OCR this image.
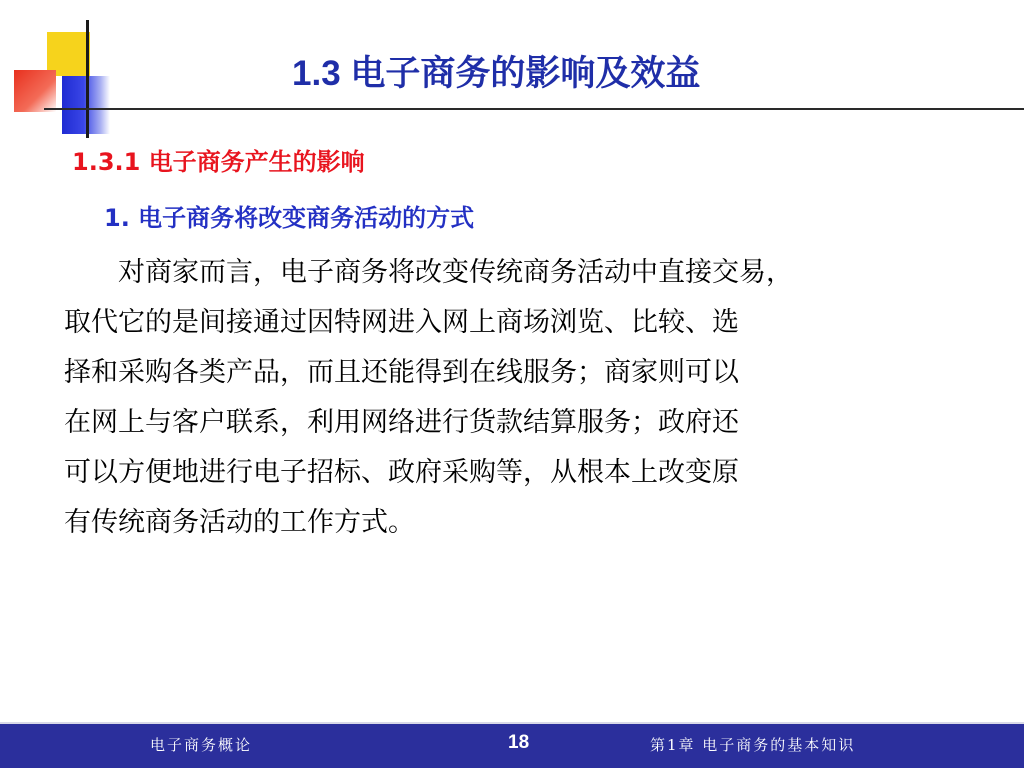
1.3 电子商务的影响及效益
1.3.1 电子商务产生的影响
1. 电子商务将改变商务活动的方式
对商家而言，电子商务将改变传统商务活动中直接交易，
取代它的是间接通过因特网进入网上商场浏览、比较、选
择和采购各类产品，而且还能得到在线服务；商家则可以
在网上与客户联系，利用网络进行货款结算服务；政府还
可以方便地进行电子招标、政府采购等，从根本上改变原
有传统商务活动的工作方式。
电子商务概论	18	第1章 电子商务的基本知识
